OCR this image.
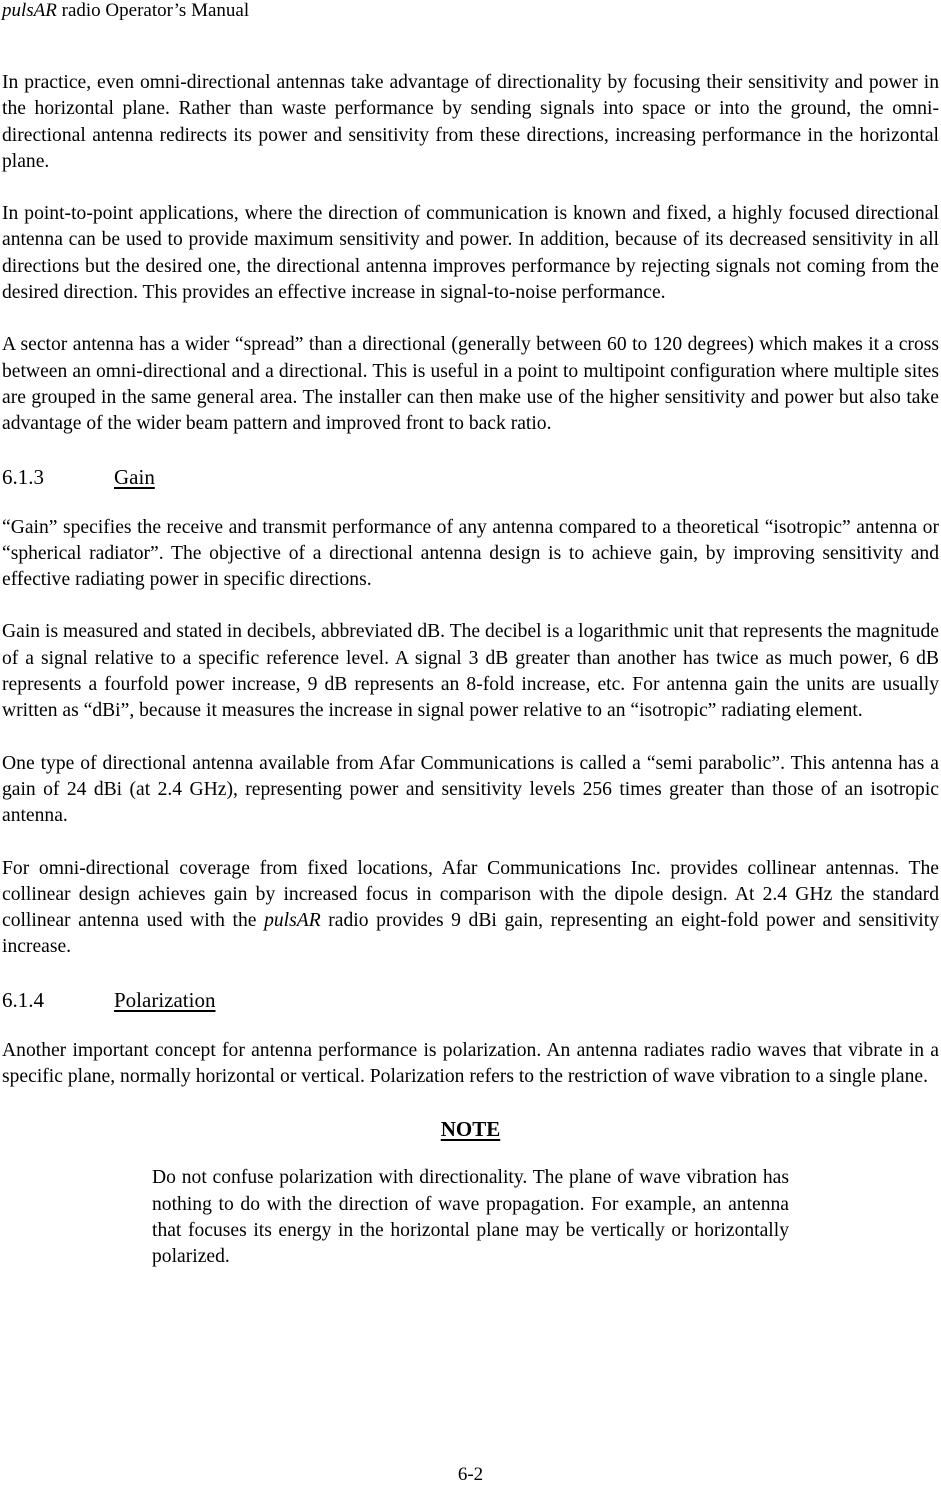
pulsAR radio Operator’s Manual

In practice, even omni-directional antennas take advantage of directionality by focusing their sensitivity and power in the horizontal plane. Rather than waste performance by sending signals into space or into the ground, the omni-directional antenna redirects its power and sensitivity from these directions, increasing performance in the horizontal plane.

In point-to-point applications, where the direction of communication is known and fixed, a highly focused directional antenna can be used to provide maximum sensitivity and power. In addition, because of its decreased sensitivity in all directions but the desired one, the directional antenna improves performance by rejecting signals not coming from the desired direction. This provides an effective increase in signal-to-noise performance.

A sector antenna has a wider “spread” than a directional (generally between 60 to 120 degrees) which makes it a cross between an omni-directional and a directional. This is useful in a point to multipoint configuration where multiple sites are grouped in the same general area. The installer can then make use of the higher sensitivity and power but also take advantage of the wider beam pattern and improved front to back ratio.

6.1.3	Gain

“Gain” specifies the receive and transmit performance of any antenna compared to a theoretical “isotropic” antenna or “spherical radiator”. The objective of a directional antenna design is to achieve gain, by improving sensitivity and effective radiating power in specific directions.

Gain is measured and stated in decibels, abbreviated dB. The decibel is a logarithmic unit that represents the magnitude of a signal relative to a specific reference level. A signal 3 dB greater than another has twice as much power, 6 dB represents a fourfold power increase, 9 dB represents an 8-fold increase, etc. For antenna gain the units are usually written as “dBi”, because it measures the increase in signal power relative to an “isotropic” radiating element.

One type of directional antenna available from Afar Communications is called a “semi parabolic”. This antenna has a gain of 24 dBi (at 2.4 GHz), representing power and sensitivity levels 256 times greater than those of an isotropic antenna.

For omni-directional coverage from fixed locations, Afar Communications Inc. provides collinear antennas. The collinear design achieves gain by increased focus in comparison with the dipole design. At 2.4 GHz the standard collinear antenna used with the pulsAR radio provides 9 dBi gain, representing an eight-fold power and sensitivity increase.

6.1.4	Polarization

Another important concept for antenna performance is polarization. An antenna radiates radio waves that vibrate in a specific plane, normally horizontal or vertical. Polarization refers to the restriction of wave vibration to a single plane.

NOTE
Do not confuse polarization with directionality. The plane of wave vibration has nothing to do with the direction of wave propagation. For example, an antenna that focuses its energy in the horizontal plane may be vertically or horizontally polarized.
6-2
